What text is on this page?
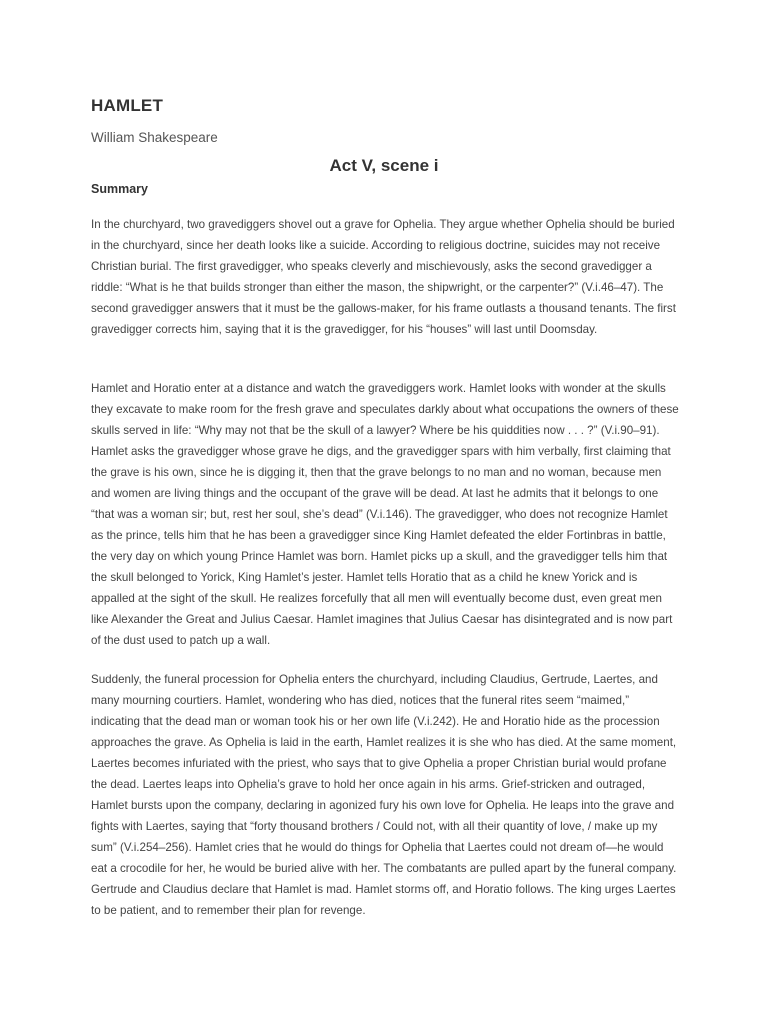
HAMLET

William Shakespeare

Act V, scene i
Summary

In the churchyard, two gravediggers shovel out a grave for Ophelia. They argue whether Ophelia should be buried in the churchyard, since her death looks like a suicide. According to religious doctrine, suicides may not receive Christian burial. The first gravedigger, who speaks cleverly and mischievously, asks the second gravedigger a riddle: “What is he that builds stronger than either the mason, the shipwright, or the carpenter?” (V.i.46–47). The second gravedigger answers that it must be the gallows-maker, for his frame outlasts a thousand tenants. The first gravedigger corrects him, saying that it is the gravedigger, for his “houses” will last until Doomsday.

Hamlet and Horatio enter at a distance and watch the gravediggers work. Hamlet looks with wonder at the skulls they excavate to make room for the fresh grave and speculates darkly about what occupations the owners of these skulls served in life: “Why may not that be the skull of a lawyer? Where be his quiddities now . . . ?” (V.i.90–91). Hamlet asks the gravedigger whose grave he digs, and the gravedigger spars with him verbally, first claiming that the grave is his own, since he is digging it, then that the grave belongs to no man and no woman, because men and women are living things and the occupant of the grave will be dead. At last he admits that it belongs to one “that was a woman sir; but, rest her soul, she’s dead” (V.i.146). The gravedigger, who does not recognize Hamlet as the prince, tells him that he has been a gravedigger since King Hamlet defeated the elder Fortinbras in battle, the very day on which young Prince Hamlet was born. Hamlet picks up a skull, and the gravedigger tells him that the skull belonged to Yorick, King Hamlet’s jester. Hamlet tells Horatio that as a child he knew Yorick and is appalled at the sight of the skull. He realizes forcefully that all men will eventually become dust, even great men like Alexander the Great and Julius Caesar. Hamlet imagines that Julius Caesar has disintegrated and is now part of the dust used to patch up a wall.

Suddenly, the funeral procession for Ophelia enters the churchyard, including Claudius, Gertrude, Laertes, and many mourning courtiers. Hamlet, wondering who has died, notices that the funeral rites seem “maimed,” indicating that the dead man or woman took his or her own life (V.i.242). He and Horatio hide as the procession approaches the grave. As Ophelia is laid in the earth, Hamlet realizes it is she who has died. At the same moment, Laertes becomes infuriated with the priest, who says that to give Ophelia a proper Christian burial would profane the dead. Laertes leaps into Ophelia’s grave to hold her once again in his arms. Grief-stricken and outraged, Hamlet bursts upon the company, declaring in agonized fury his own love for Ophelia. He leaps into the grave and fights with Laertes, saying that “forty thousand brothers / Could not, with all their quantity of love, / make up my sum” (V.i.254–256). Hamlet cries that he would do things for Ophelia that Laertes could not dream of—he would eat a crocodile for her, he would be buried alive with her. The combatants are pulled apart by the funeral company. Gertrude and Claudius declare that Hamlet is mad. Hamlet storms off, and Horatio follows. The king urges Laertes to be patient, and to remember their plan for revenge.
